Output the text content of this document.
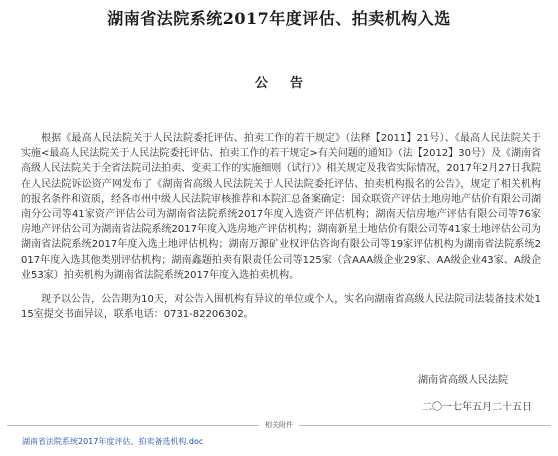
湖南省法院系统2017年度评估、拍卖机构入选
公告

根据《最高人民法院关于人民法院委托评估、拍卖工作的若干规定》（法释【2011】21号）、《最高人民法院关于实施<最高人民法院关于人民法院委托评估、拍卖工作的若干规定>有关问题的通知》（法【2012】30号）及《湖南省高级人民法院关于全省法院司法拍卖、变卖工作的实施细则（试行）》相关规定及我省实际情况，2017年2月27日我院在人民法院诉讼资产网发布了《湖南省高级人民法院关于人民法院委托评估、拍卖机构报名的公告》，规定了相关机构的报名条件和资质，经各市州中级人民法院审核推荐和本院汇总备案确定：国众联资产评估土地房地产估价有限公司湖南分公司等41家资产评估公司为湖南省法院系统2017年度入选资产评估机构；湖南天信房地产评估有限公司等76家房地产评估公司为湖南省法院系统2017年度入选房地产评估机构；湖南新星土地估价有限公司等41家土地评估公司为湖南省法院系统2017年度入选土地评估机构；湖南万源矿业权评估咨询有限公司等19家评估机构为湖南省法院系统2017年度入选其他类别评估机构；湖南鑫题拍卖有限责任公司等125家（含AAA级企业29家、AA级企业43家、A级企业53家）拍卖机构为湖南省法院系统2017年度入选拍卖机构。

现予以公告，公告期为10天，对公告入围机构有异议的单位或个人，实名向湖南省高级人民法院司法装备技术处115室提交书面异议，联系电话：0731-82206302。

湖南省高级人民法院
二〇一七年五月二十五日
相关附件
湖南省法院系统2017年度评估、拍卖备选机构.doc
